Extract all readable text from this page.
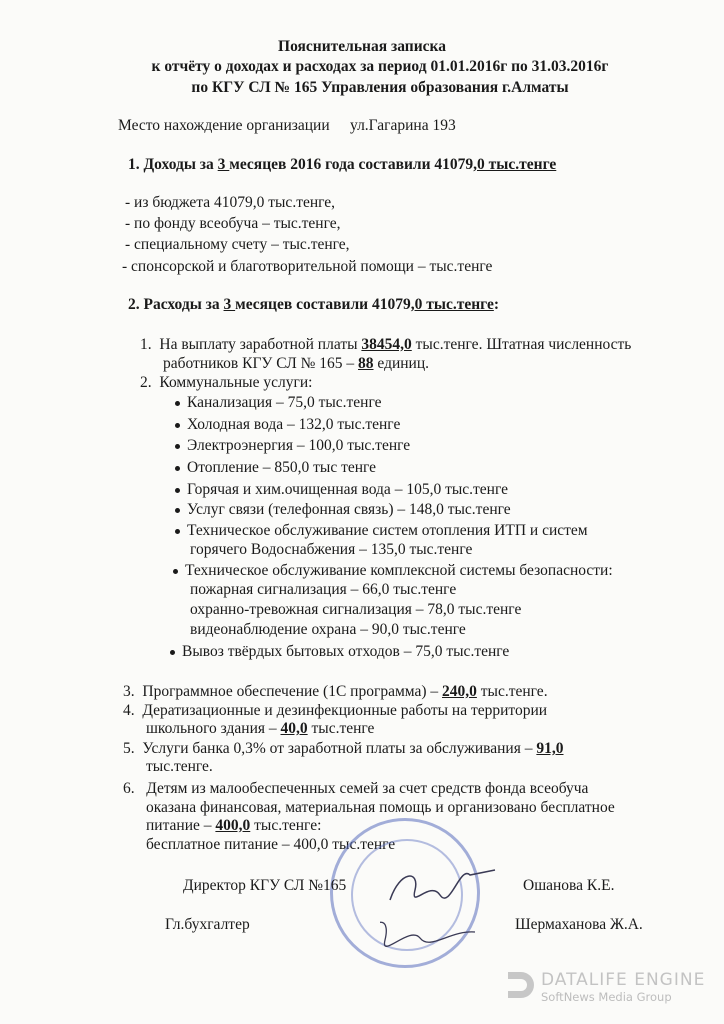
Пояснительная записка
к отчёту о доходах и расходах за период 01.01.2016г по 31.03.2016г
по КГУ СЛ № 165 Управления образования г.Алматы
Место нахождение организации ул.Гагарина 193
1. Доходы за 3 месяцев 2016 года составили 41079,0 тыс.тенге
- из бюджета 41079,0 тыс.тенге,
- по фонду всеобуча – тыс.тенге,
- специальному счету – тыс.тенге,
- спонсорской и благотворительной помощи – тыс.тенге
2. Расходы за 3 месяцев составили 41079,0 тыс.тенге:
1. На выплату заработной платы 38454,0 тыс.тенге. Штатная численность
работников КГУ СЛ № 165 – 88 единиц.
2. Коммунальные услуги:
Канализация – 75,0 тыс.тенге
Холодная вода – 132,0 тыс.тенге
Электроэнергия – 100,0 тыс.тенге
Отопление – 850,0 тыс тенге
Горячая и хим.очищенная вода – 105,0 тыс.тенге
Услуг связи (телефонная связь) – 148,0 тыс.тенге
Техническое обслуживание систем отопления ИТП и систем
горячего Водоснабжения – 135,0 тыс.тенге
Техническое обслуживание комплексной системы безопасности:
пожарная сигнализация – 66,0 тыс.тенге
охранно-тревожная сигнализация – 78,0 тыс.тенге
видеонаблюдение охрана – 90,0 тыс.тенге
Вывоз твёрдых бытовых отходов – 75,0 тыс.тенге
3. Программное обеспечение (1С программа) – 240,0 тыс.тенге.
4. Дератизационные и дезинфекционные работы на территории
школьного здания – 40,0 тыс.тенге
5. Услуги банка 0,3% от заработной платы за обслуживания – 91,0
тыс.тенге.
6. Детям из малообеспеченных семей за счет средств фонда всеобуча
оказана финансовая, материальная помощь и организовано бесплатное
питание – 400,0 тыс.тенге:
бесплатное питание – 400,0 тыс.тенге
Директор КГУ СЛ №165	Ошанова К.Е.
Гл.бухгалтер	Шермаханова Ж.А.
DATALIFE ENGINE
SoftNews Media Group
